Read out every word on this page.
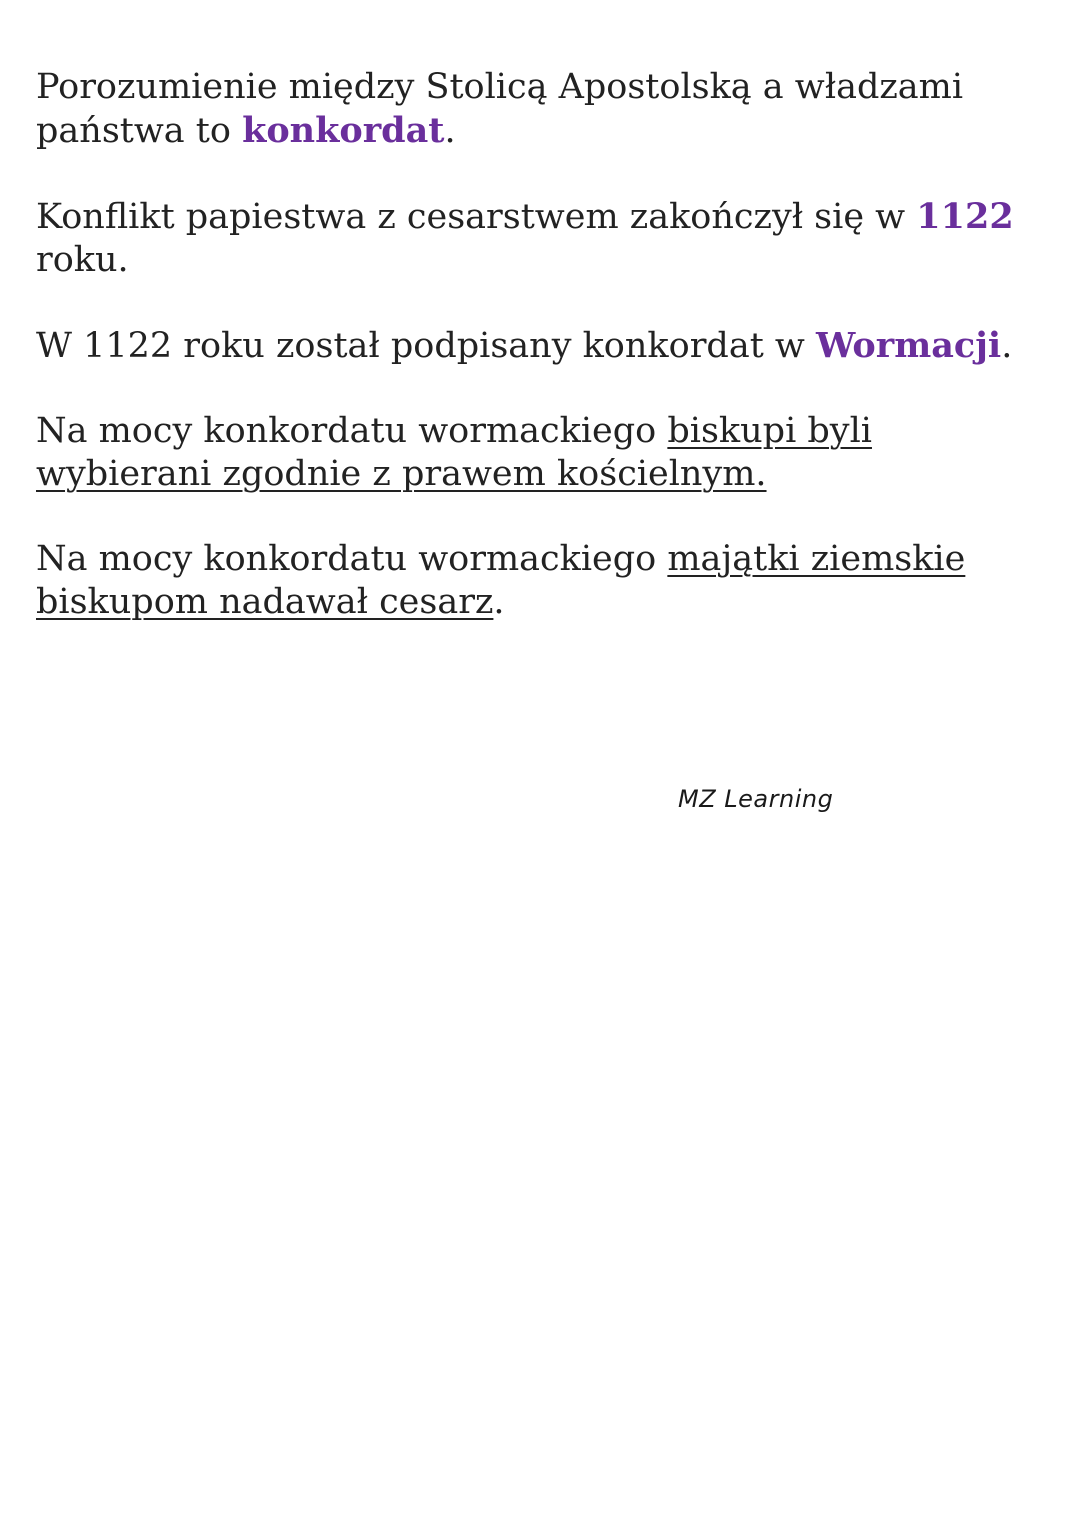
Porozumienie między Stolicą Apostolską a władzami państwa to konkordat.

Konflikt papiestwa z cesarstwem zakończył się w 1122 roku.

W 1122 roku został podpisany konkordat w Wormacji.

Na mocy konkordatu wormackiego biskupi byli wybierani zgodnie z prawem kościelnym.

Na mocy konkordatu wormackiego majątki ziemskie biskupom nadawał cesarz.

MZ Learning
